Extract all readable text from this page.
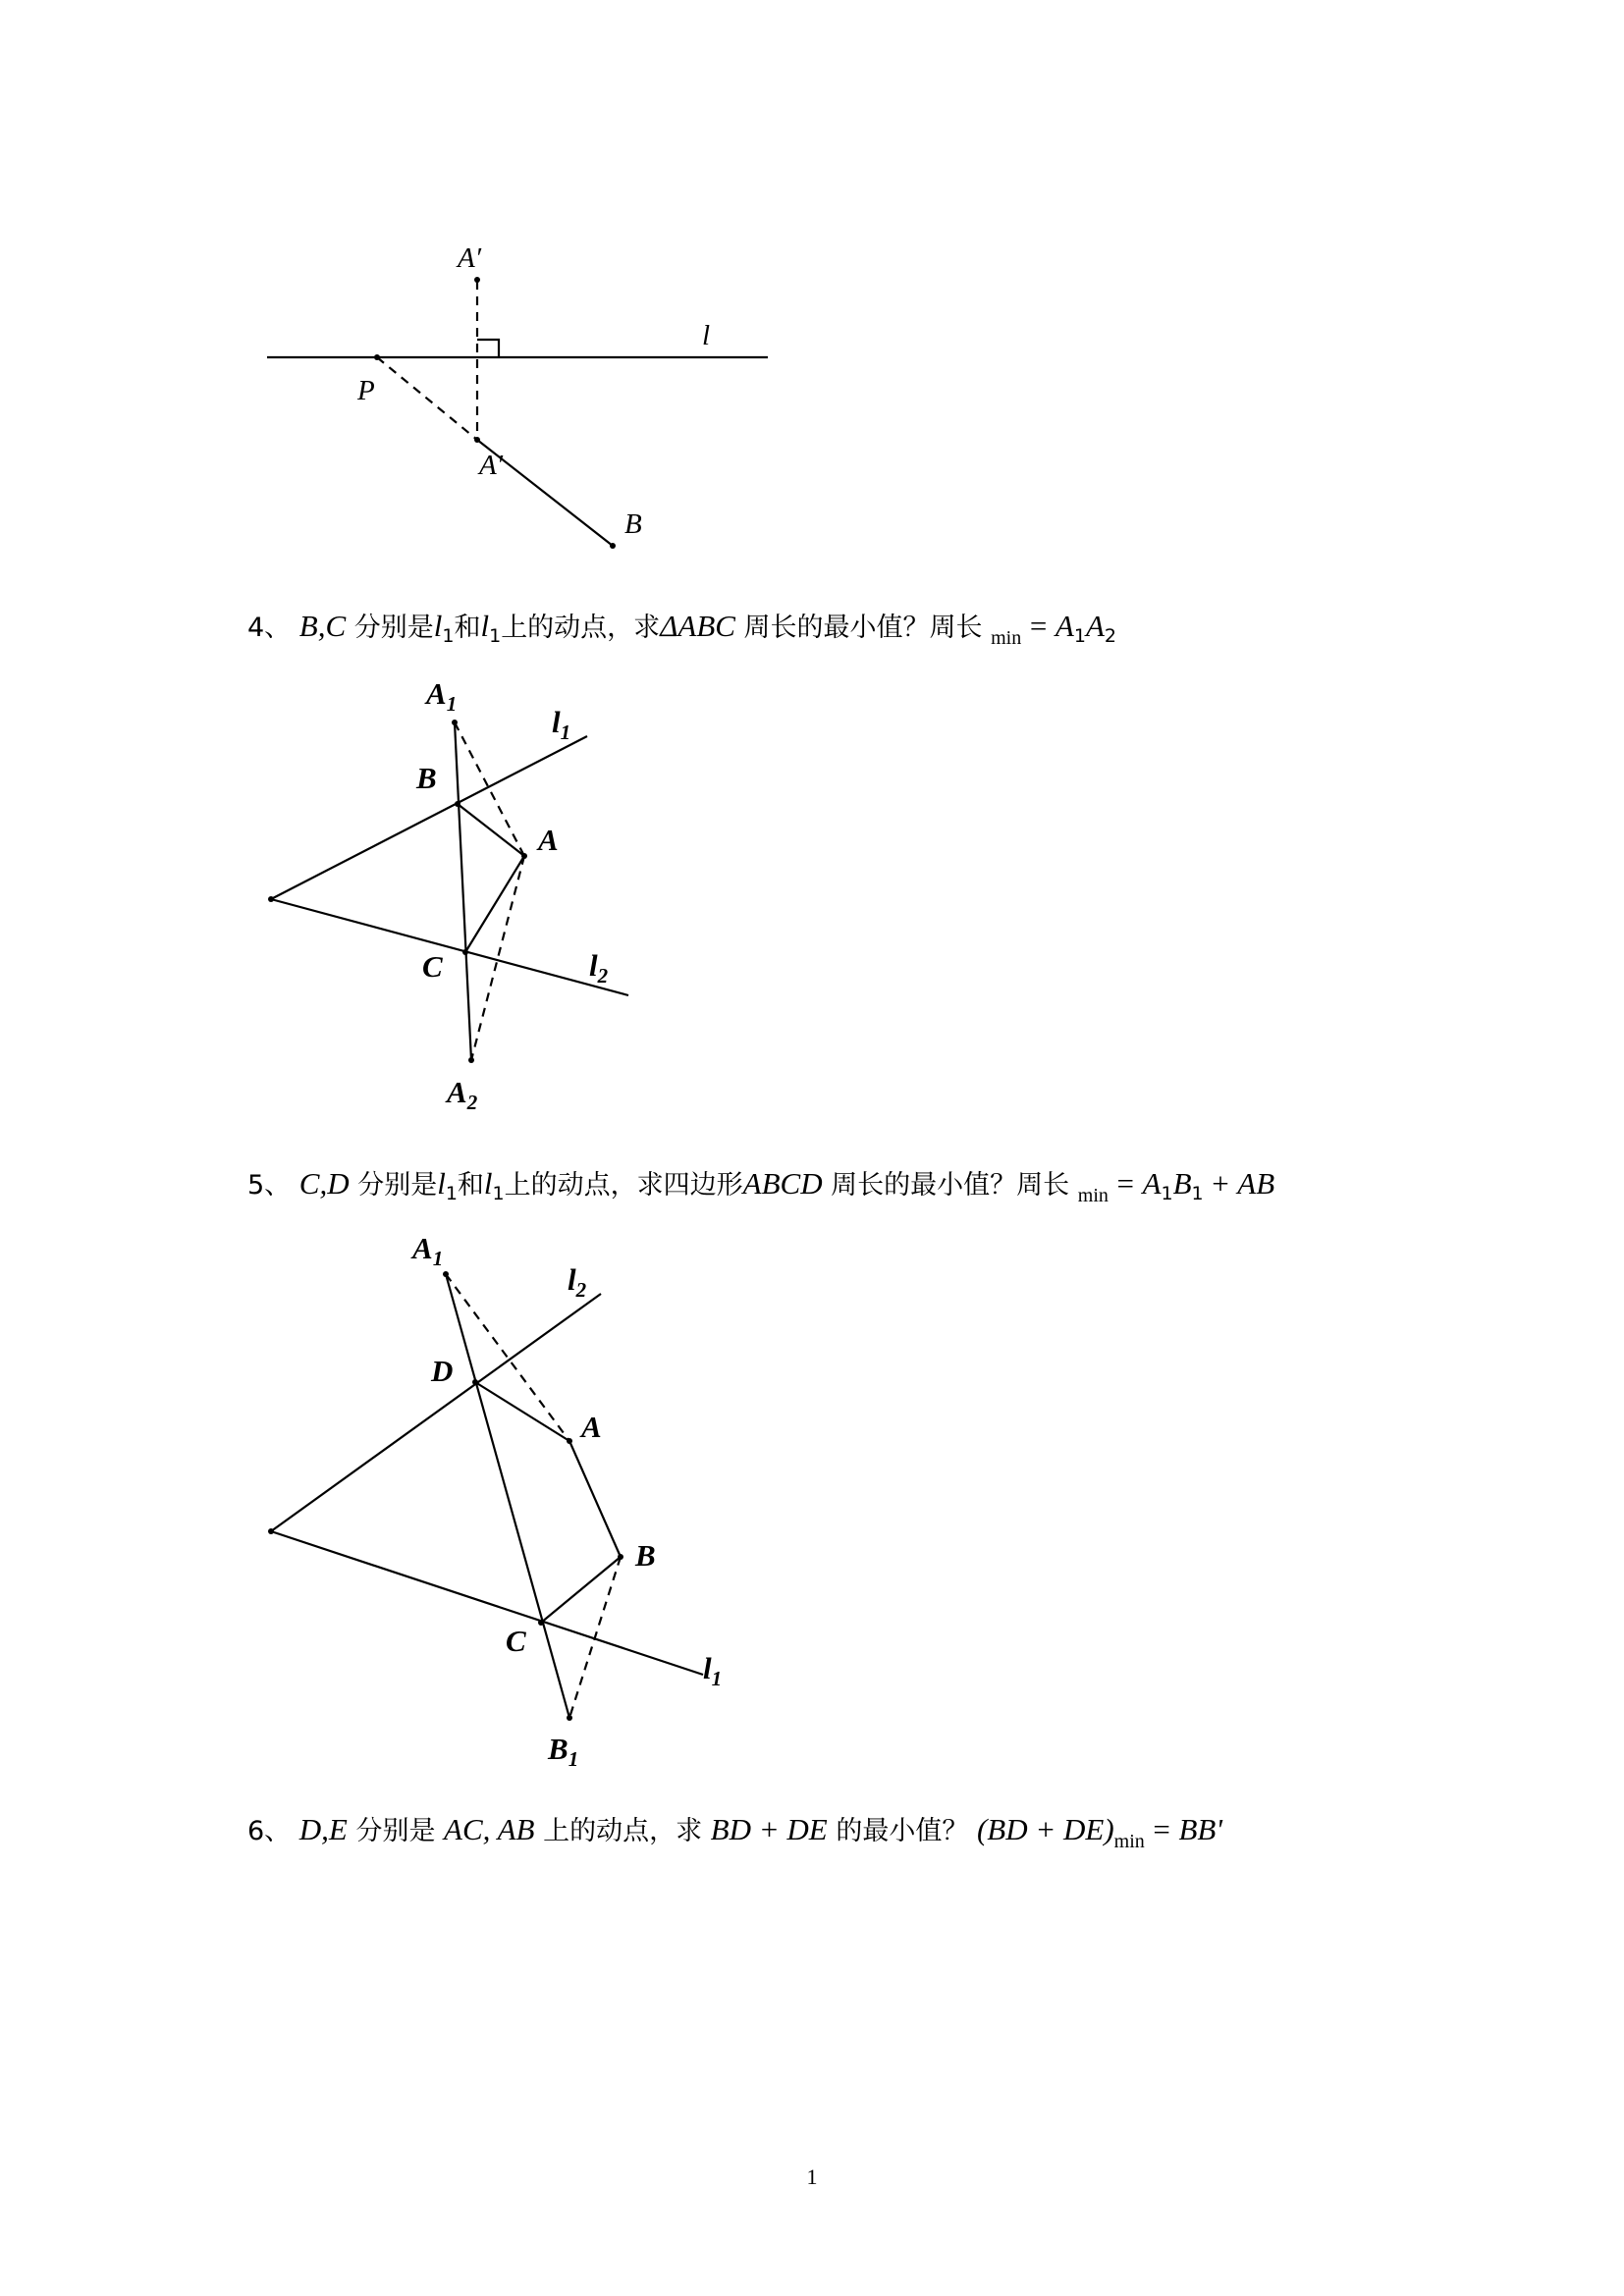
A′
l
P
A′
B
4、 B,C 分别是$l_1$和$l_1$上的动点，求ΔABC 周长的最小值？周长 $_{min} = A_1A_2$
$A_1$
$l_1$
B
A
C	$l_2$
$A_2$
5、 C,D 分别是$l_1$和$l_1$上的动点，求四边形ABCD 周长的最小值？周长 $_{min} = A_1B_1$ + AB
$A_1$
$l_2$
D
A
B
C
$l_1$
$B_1$
6、 D,E 分别是 AC, AB 上的动点，求 BD + DE 的最小值？ $(BD + DE)_{min} = BB'$
1
